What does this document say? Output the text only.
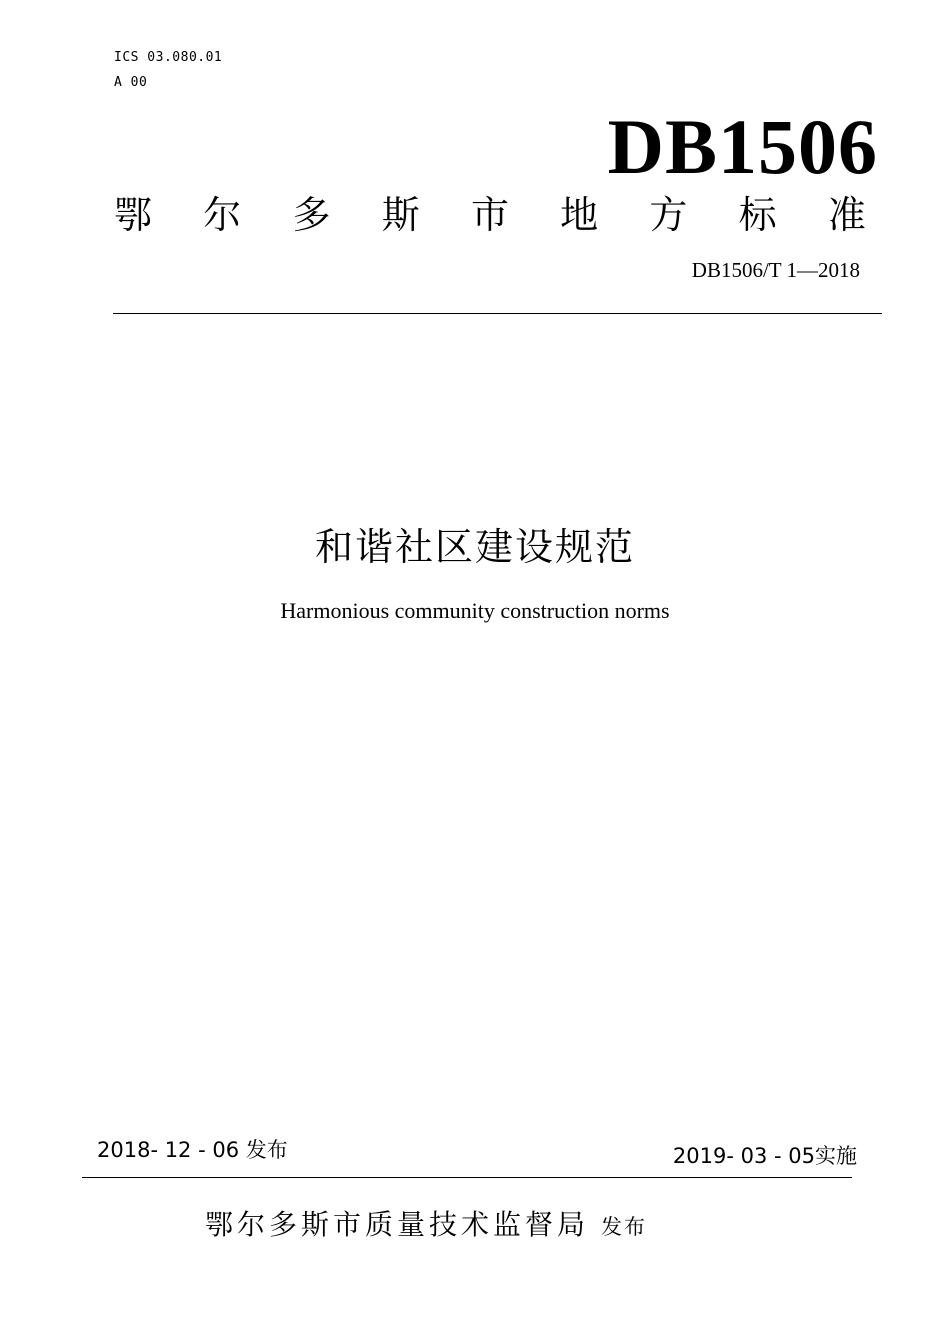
ICS 03.080.01
A 00
DB1506
鄂 尔 多 斯 市 地 方 标 准
DB1506/T 1—2018
和谐社区建设规范
Harmonious community construction norms
2018- 12 - 06 发布	2019- 03 - 05实施
鄂尔多斯市质量技术监督局 发布
